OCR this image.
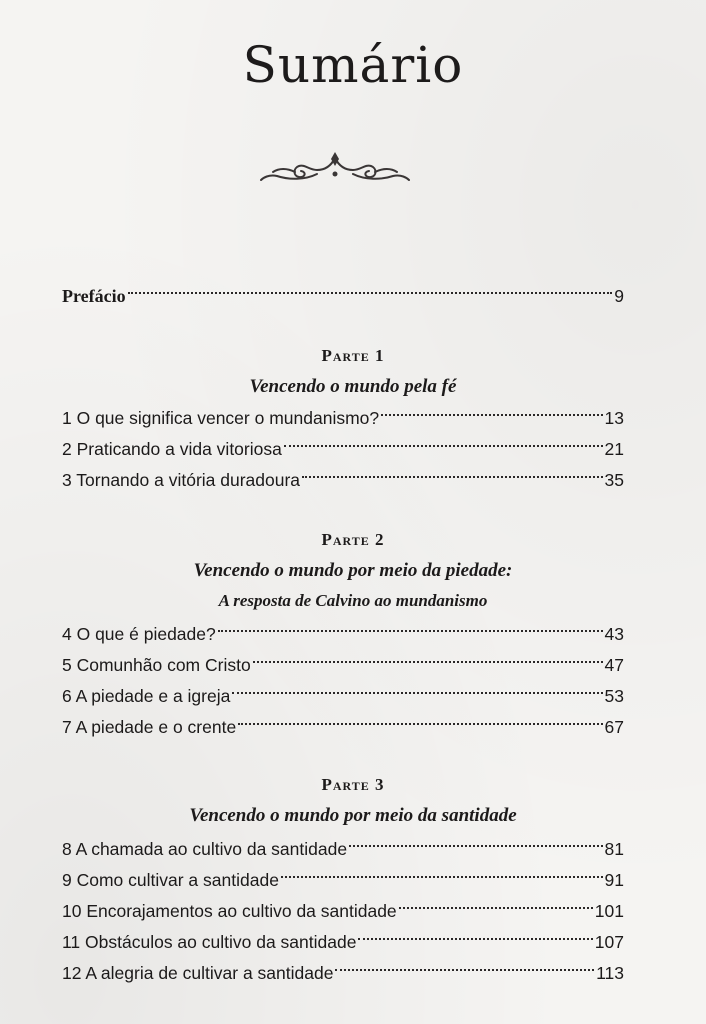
Sumário
Prefácio	9
Parte 1
Vencendo o mundo pela fé
1 O que significa vencer o mundanismo?	13
2 Praticando a vida vitoriosa	21
3 Tornando a vitória duradoura	35
Parte 2
Vencendo o mundo por meio da piedade:
A resposta de Calvino ao mundanismo
4 O que é piedade?	43
5 Comunhão com Cristo	47
6 A piedade e a igreja	53
7 A piedade e o crente	67
Parte 3
Vencendo o mundo por meio da santidade
8 A chamada ao cultivo da santidade	81
9 Como cultivar a santidade	91
10 Encorajamentos ao cultivo da santidade	101
11 Obstáculos ao cultivo da santidade	107
12 A alegria de cultivar a santidade	113
